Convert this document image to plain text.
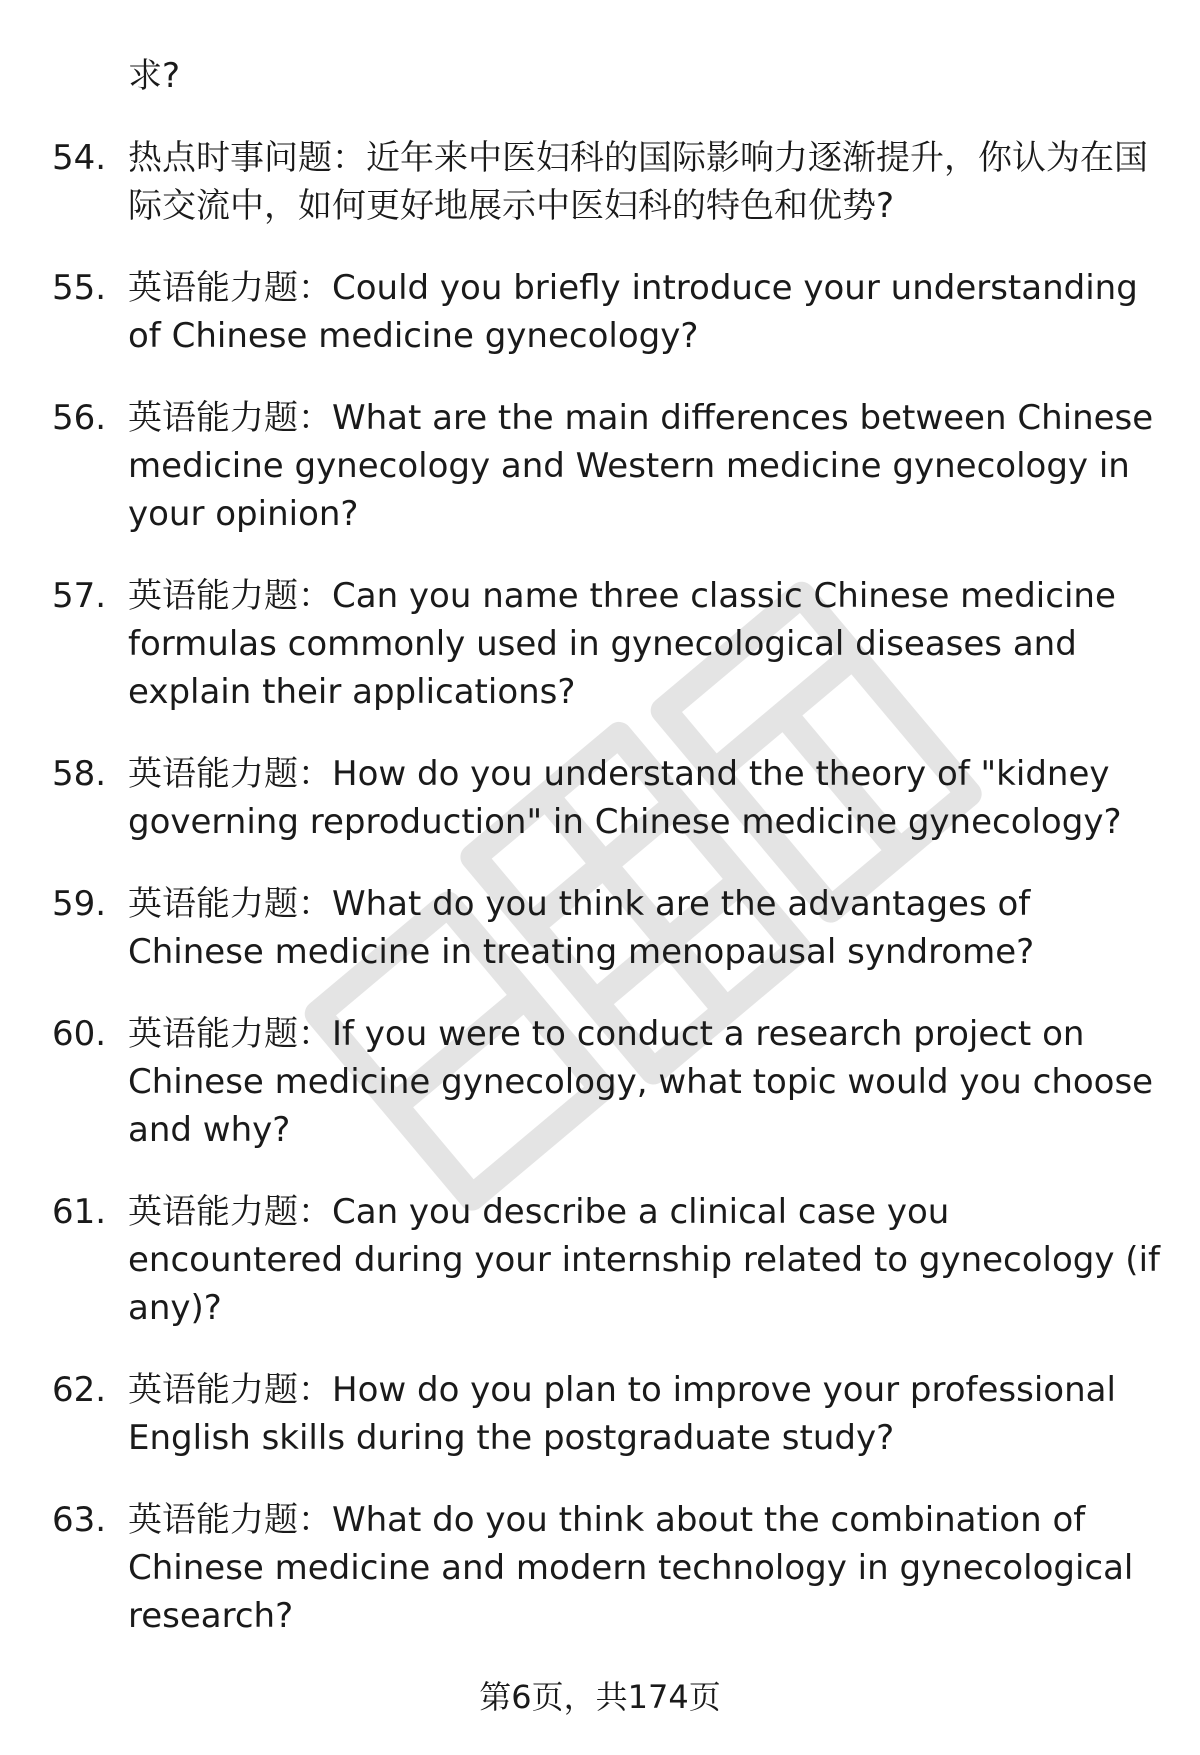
求?
54. 热点时事问题：近年来中医妇科的国际影响力逐渐提升，你认为在国际交流中，如何更好地展示中医妇科的特色和优势?
55. 英语能力题：Could you briefly introduce your understanding of Chinese medicine gynecology?
56. 英语能力题：What are the main differences between Chinese medicine gynecology and Western medicine gynecology in your opinion?
57. 英语能力题：Can you name three classic Chinese medicine formulas commonly used in gynecological diseases and explain their applications?
58. 英语能力题：How do you understand the theory of "kidney governing reproduction" in Chinese medicine gynecology?
59. 英语能力题：What do you think are the advantages of Chinese medicine in treating menopausal syndrome?
60. 英语能力题：If you were to conduct a research project on Chinese medicine gynecology, what topic would you choose and why?
61. 英语能力题：Can you describe a clinical case you encountered during your internship related to gynecology (if any)?
62. 英语能力题：How do you plan to improve your professional English skills during the postgraduate study?
63. 英语能力题：What do you think about the combination of Chinese medicine and modern technology in gynecological research?
第6页，共174页
